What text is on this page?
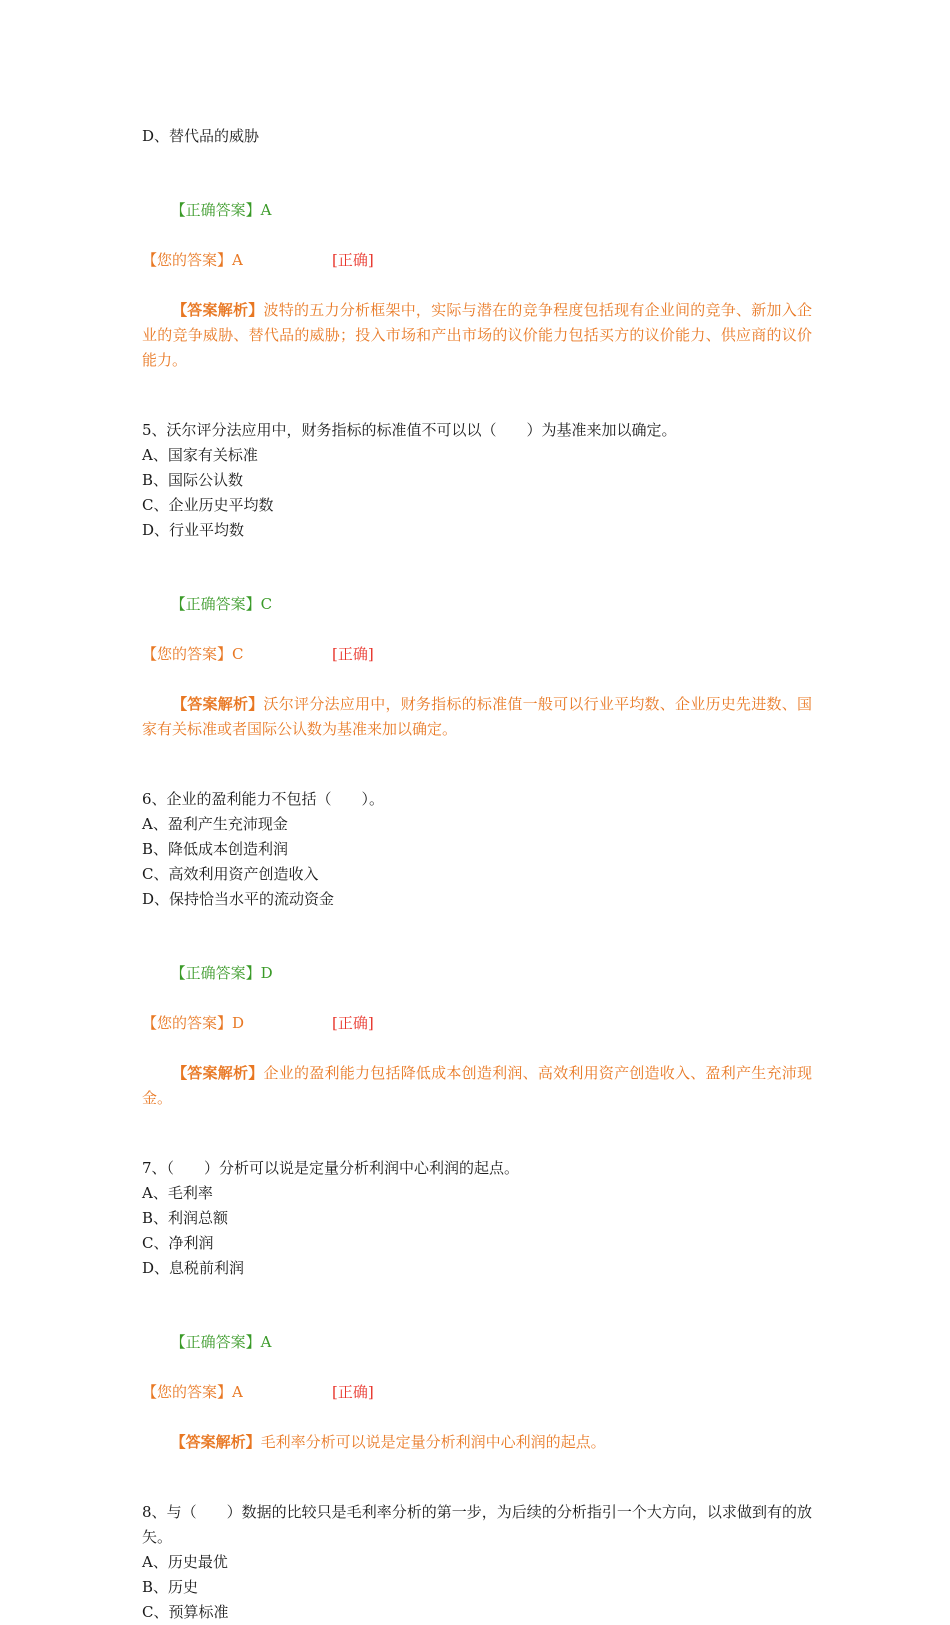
D、替代品的威胁

【正确答案】A

【您的答案】A	[正确]

【答案解析】波特的五力分析框架中，实际与潜在的竞争程度包括现有企业间的竞争、新加入企业的竞争威胁、替代品的威胁；投入市场和产出市场的议价能力包括买方的议价能力、供应商的议价能力。

5、沃尔评分法应用中，财务指标的标准值不可以以（　　）为基准来加以确定。
A、国家有关标准
B、国际公认数
C、企业历史平均数
D、行业平均数

【正确答案】C

【您的答案】C	[正确]

【答案解析】沃尔评分法应用中，财务指标的标准值一般可以行业平均数、企业历史先进数、国家有关标准或者国际公认数为基准来加以确定。

6、企业的盈利能力不包括（　　）。
A、盈利产生充沛现金
B、降低成本创造利润
C、高效利用资产创造收入
D、保持恰当水平的流动资金

【正确答案】D

【您的答案】D	[正确]

【答案解析】企业的盈利能力包括降低成本创造利润、高效利用资产创造收入、盈利产生充沛现金。

7、（　　）分析可以说是定量分析利润中心利润的起点。
A、毛利率
B、利润总额
C、净利润
D、息税前利润

【正确答案】A

【您的答案】A	[正确]

【答案解析】毛利率分析可以说是定量分析利润中心利润的起点。

8、与（　　）数据的比较只是毛利率分析的第一步，为后续的分析指引一个大方向，以求做到有的放矢。
A、历史最优
B、历史
C、预算标准
